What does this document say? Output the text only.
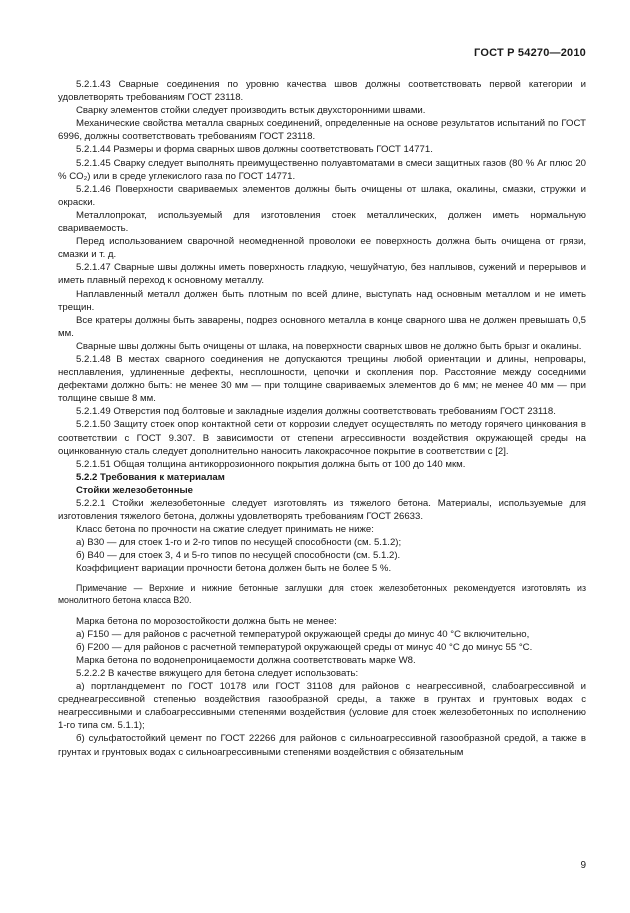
ГОСТ Р 54270—2010

5.2.1.43 Сварные соединения по уровню качества швов должны соответствовать первой категории и удовлетворять требованиям ГОСТ 23118.

Сварку элементов стойки следует производить встык двухсторонними швами.

Механические свойства металла сварных соединений, определенные на основе результатов испытаний по ГОСТ 6996, должны соответствовать требованиям ГОСТ 23118.

5.2.1.44 Размеры и форма сварных швов должны соответствовать ГОСТ 14771.

5.2.1.45 Сварку следует выполнять преимущественно полуавтоматами в смеси защитных газов (80 % Ar плюс 20 % CO₂) или в среде углекислого газа по ГОСТ 14771.

5.2.1.46 Поверхности свариваемых элементов должны быть очищены от шлака, окалины, смазки, стружки и окраски.

Металлопрокат, используемый для изготовления стоек металлических, должен иметь нормальную свариваемость.

Перед использованием сварочной неомедненной проволоки ее поверхность должна быть очищена от грязи, смазки и т. д.

5.2.1.47 Сварные швы должны иметь поверхность гладкую, чешуйчатую, без наплывов, сужений и перерывов и иметь плавный переход к основному металлу.

Наплавленный металл должен быть плотным по всей длине, выступать над основным металлом и не иметь трещин.

Все кратеры должны быть заварены, подрез основного металла в конце сварного шва не должен превышать 0,5 мм.

Сварные швы должны быть очищены от шлака, на поверхности сварных швов не должно быть брызг и окалины.

5.2.1.48 В местах сварного соединения не допускаются трещины любой ориентации и длины, непровары, несплавления, удлиненные дефекты, несплошности, цепочки и скопления пор. Расстояние между соседними дефектами должно быть: не менее 30 мм — при толщине свариваемых элементов до 6 мм; не менее 40 мм — при толщине свыше 8 мм.

5.2.1.49 Отверстия под болтовые и закладные изделия должны соответствовать требованиям ГОСТ 23118.

5.2.1.50 Защиту стоек опор контактной сети от коррозии следует осуществлять по методу горячего цинкования в соответствии с ГОСТ 9.307. В зависимости от степени агрессивности воздействия окружающей среды на оцинкованную сталь следует дополнительно наносить лакокрасочное покрытие в соответствии с [2].

5.2.1.51 Общая толщина антикоррозионного покрытия должна быть от 100 до 140 мкм.

5.2.2 Требования к материалам

Стойки железобетонные

5.2.2.1 Стойки железобетонные следует изготовлять из тяжелого бетона. Материалы, используемые для изготовления тяжелого бетона, должны удовлетворять требованиям ГОСТ 26633.

Класс бетона по прочности на сжатие следует принимать не ниже:

а) В30 — для стоек 1-го и 2-го типов по несущей способности (см. 5.1.2);

б) В40 — для стоек 3, 4 и 5-го типов по несущей способности (см. 5.1.2).

Коэффициент вариации прочности бетона должен быть не более 5 %.

Примечание — Верхние и нижние бетонные заглушки для стоек железобетонных рекомендуется изготовлять из монолитного бетона класса В20.

Марка бетона по морозостойкости должна быть не менее:

а) F150 — для районов с расчетной температурой окружающей среды до минус 40 °С включительно,

б) F200 — для районов с расчетной температурой окружающей среды от минус 40 °С до минус 55 °С.

Марка бетона по водонепроницаемости должна соответствовать марке W8.

5.2.2.2 В качестве вяжущего для бетона следует использовать:

а) портландцемент по ГОСТ 10178 или ГОСТ 31108 для районов с неагрессивной, слабоагрессивной и среднеагрессивной степенью воздействия газообразной среды, а также в грунтах и грунтовых водах с неагрессивными и слабоагрессивными степенями воздействия (условие для стоек железобетонных по исполнению 1-го типа см. 5.1.1);

б) сульфатостойкий цемент по ГОСТ 22266 для районов с сильноагрессивной газообразной средой, а также в грунтах и грунтовых водах с сильноагрессивными степенями воздействия с обязательным

9
